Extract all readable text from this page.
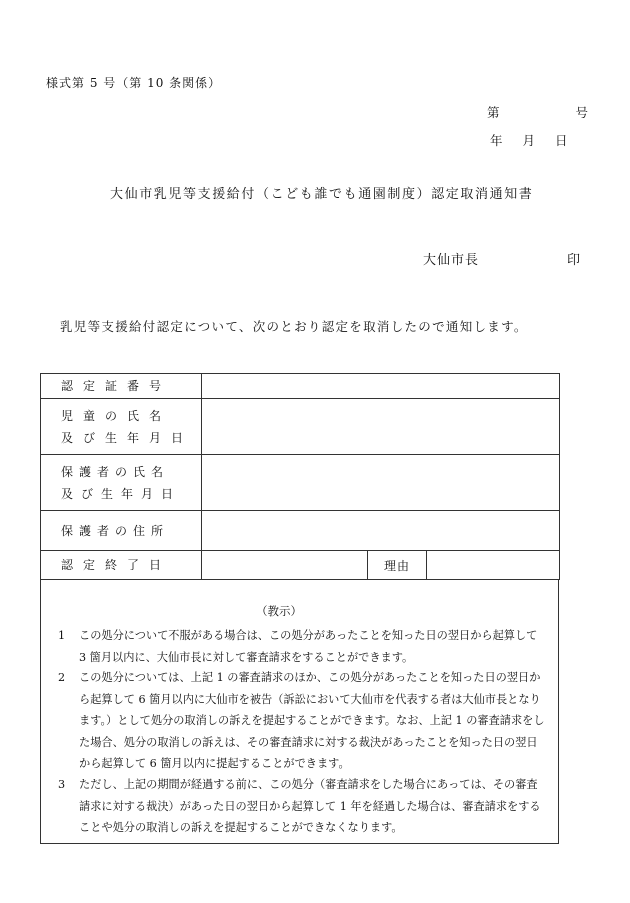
様式第 5 号（第 10 条関係）
第	号
年 月 日
大仙市乳児等支援給付（こども誰でも通園制度）認定取消通知書
大仙市長	印
乳児等支援給付認定について、次のとおり認定を取消したので通知します。
認定証番号			

児童の氏名
及び生年月日			

保護者の氏名
及び生年月日			

保護者の住所			
認定終了日		理由	
（教示）
1 この処分について不服がある場合は、この処分があったことを知った日の翌日から起算して 3 箇月以内に、大仙市長に対して審査請求をすることができます。
2 この処分については、上記 1 の審査請求のほか、この処分があったことを知った日の翌日から起算して 6 箇月以内に大仙市を被告（訴訟において大仙市を代表する者は大仙市長となります。）として処分の取消しの訴えを提起することができます。なお、上記 1 の審査請求をした場合、処分の取消しの訴えは、その審査請求に対する裁決があったことを知った日の翌日から起算して 6 箇月以内に提起することができます。
3 ただし、上記の期間が経過する前に、この処分（審査請求をした場合にあっては、その審査請求に対する裁決）があった日の翌日から起算して 1 年を経過した場合は、審査請求をすることや処分の取消しの訴えを提起することができなくなります。
